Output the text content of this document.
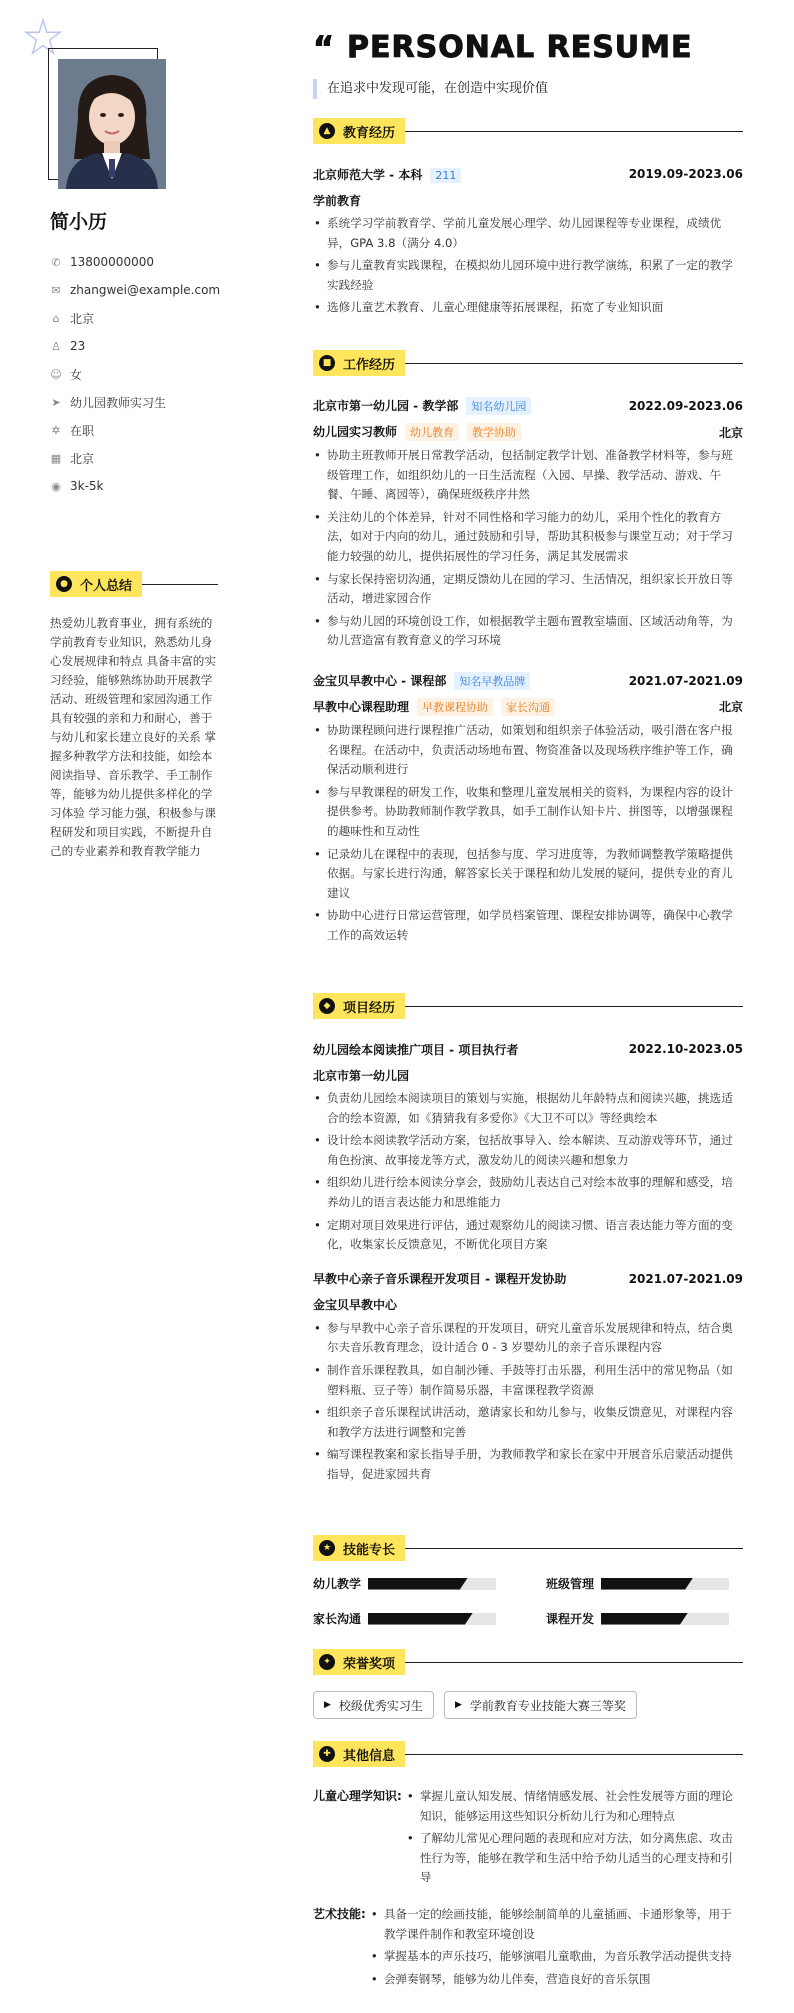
简小历
✆ 13800000000
✉ zhangwei@example.com
⌂ 北京
♙ 23
☺ 女
➤ 幼儿园教师实习生
✲ 在职
▦ 北京
◉ 3k-5k
● 个人总结
热爱幼儿教育事业，拥有系统的学前教育专业知识，熟悉幼儿身心发展规律和特点 具备丰富的实习经验，能够熟练协助开展教学活动、班级管理和家园沟通工作 具有较强的亲和力和耐心，善于与幼儿和家长建立良好的关系 掌握多种教学方法和技能，如绘本阅读指导、音乐教学、手工制作等，能够为幼儿提供多样化的学习体验 学习能力强，积极参与课程研发和项目实践，不断提升自己的专业素养和教育教学能力
“ PERSONAL RESUME
在追求中发现可能，在创造中实现价值
▲ 教育经历
北京师范大学 - 本科 211	2019.09-2023.06
学前教育
• 系统学习学前教育学、学前儿童发展心理学、幼儿园课程等专业课程，成绩优异，GPA 3.8（满分 4.0）
• 参与儿童教育实践课程，在模拟幼儿园环境中进行教学演练，积累了一定的教学实践经验
• 选修儿童艺术教育、儿童心理健康等拓展课程，拓宽了专业知识面
■ 工作经历
北京市第一幼儿园 - 教学部 知名幼儿园	2022.09-2023.06
幼儿园实习教师 幼儿教育 教学协助	北京
• 协助主班教师开展日常教学活动，包括制定教学计划、准备教学材料等，参与班级管理工作，如组织幼儿的一日生活流程（入园、早操、教学活动、游戏、午餐、午睡、离园等），确保班级秩序井然
• 关注幼儿的个体差异，针对不同性格和学习能力的幼儿，采用个性化的教育方法，如对于内向的幼儿，通过鼓励和引导，帮助其积极参与课堂互动；对于学习能力较强的幼儿，提供拓展性的学习任务，满足其发展需求
• 与家长保持密切沟通，定期反馈幼儿在园的学习、生活情况，组织家长开放日等活动，增进家园合作
• 参与幼儿园的环境创设工作，如根据教学主题布置教室墙面、区域活动角等，为幼儿营造富有教育意义的学习环境
金宝贝早教中心 - 课程部 知名早教品牌	2021.07-2021.09
早教中心课程助理 早教课程协助 家长沟通	北京
• 协助课程顾问进行课程推广活动，如策划和组织亲子体验活动，吸引潜在客户报名课程。在活动中，负责活动场地布置、物资准备以及现场秩序维护等工作，确保活动顺利进行
• 参与早教课程的研发工作，收集和整理儿童发展相关的资料，为课程内容的设计提供参考。协助教师制作教学教具，如手工制作认知卡片、拼图等，以增强课程的趣味性和互动性
• 记录幼儿在课程中的表现，包括参与度、学习进度等，为教师调整教学策略提供依据。与家长进行沟通，解答家长关于课程和幼儿发展的疑问，提供专业的育儿建议
• 协助中心进行日常运营管理，如学员档案管理、课程安排协调等，确保中心教学工作的高效运转
◆ 项目经历
幼儿园绘本阅读推广项目 - 项目执行者	2022.10-2023.05
北京市第一幼儿园
• 负责幼儿园绘本阅读项目的策划与实施，根据幼儿年龄特点和阅读兴趣，挑选适合的绘本资源，如《猜猜我有多爱你》《大卫不可以》等经典绘本
• 设计绘本阅读教学活动方案，包括故事导入、绘本解读、互动游戏等环节，通过角色扮演、故事接龙等方式，激发幼儿的阅读兴趣和想象力
• 组织幼儿进行绘本阅读分享会，鼓励幼儿表达自己对绘本故事的理解和感受，培养幼儿的语言表达能力和思维能力
• 定期对项目效果进行评估，通过观察幼儿的阅读习惯、语言表达能力等方面的变化，收集家长反馈意见，不断优化项目方案
早教中心亲子音乐课程开发项目 - 课程开发协助	2021.07-2021.09
金宝贝早教中心
• 参与早教中心亲子音乐课程的开发项目，研究儿童音乐发展规律和特点，结合奥尔夫音乐教育理念，设计适合 0 - 3 岁婴幼儿的亲子音乐课程内容
• 制作音乐课程教具，如自制沙锤、手鼓等打击乐器，利用生活中的常见物品（如塑料瓶、豆子等）制作简易乐器，丰富课程教学资源
• 组织亲子音乐课程试讲活动，邀请家长和幼儿参与，收集反馈意见，对课程内容和教学方法进行调整和完善
• 编写课程教案和家长指导手册，为教师教学和家长在家中开展音乐启蒙活动提供指导，促进家园共育
★ 技能专长
幼儿教学	班级管理
家长沟通	课程开发
✦ 荣誉奖项
▶ 校级优秀实习生	▶ 学前教育专业技能大赛三等奖
✚ 其他信息
儿童心理学知识:	• 掌握儿童认知发展、情绪情感发展、社会性发展等方面的理论知识，能够运用这些知识分析幼儿行为和心理特点
• 了解幼儿常见心理问题的表现和应对方法，如分离焦虑、攻击性行为等，能够在教学和生活中给予幼儿适当的心理支持和引导
艺术技能:	• 具备一定的绘画技能，能够绘制简单的儿童插画、卡通形象等，用于教学课件制作和教室环境创设
• 掌握基本的声乐技巧，能够演唱儿童歌曲，为音乐教学活动提供支持
• 会弹奏钢琴，能够为幼儿伴奏，营造良好的音乐氛围
